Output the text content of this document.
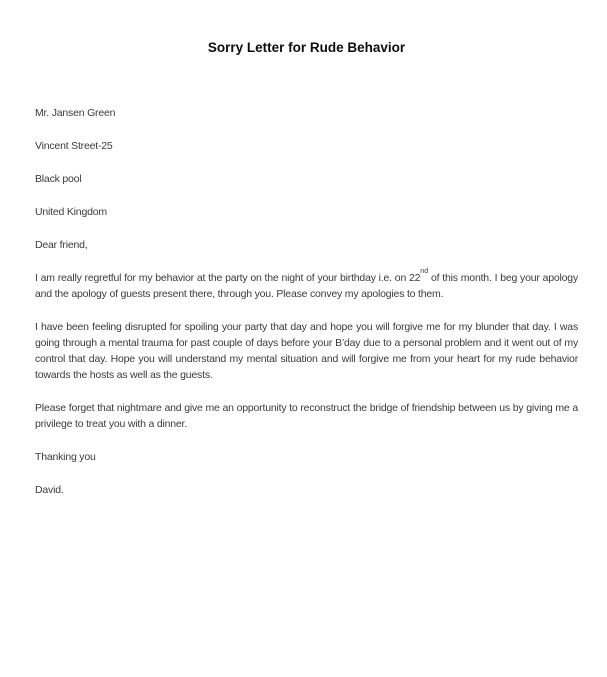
Sorry Letter for Rude Behavior

Mr. Jansen Green

Vincent Street-25

Black pool

United Kingdom

Dear friend,

I am really regretful for my behavior at the party on the night of your birthday i.e. on 22nd of this month. I beg your apology and the apology of guests present there, through you. Please convey my apologies to them.

I have been feeling disrupted for spoiling your party that day and hope you will forgive me for my blunder that day. I was going through a mental trauma for past couple of days before your B’day due to a personal problem and it went out of my control that day. Hope you will understand my mental situation and will forgive me from your heart for my rude behavior towards the hosts as well as the guests.

Please forget that nightmare and give me an opportunity to reconstruct the bridge of friendship between us by giving me a privilege to treat you with a dinner.

Thanking you

David.
